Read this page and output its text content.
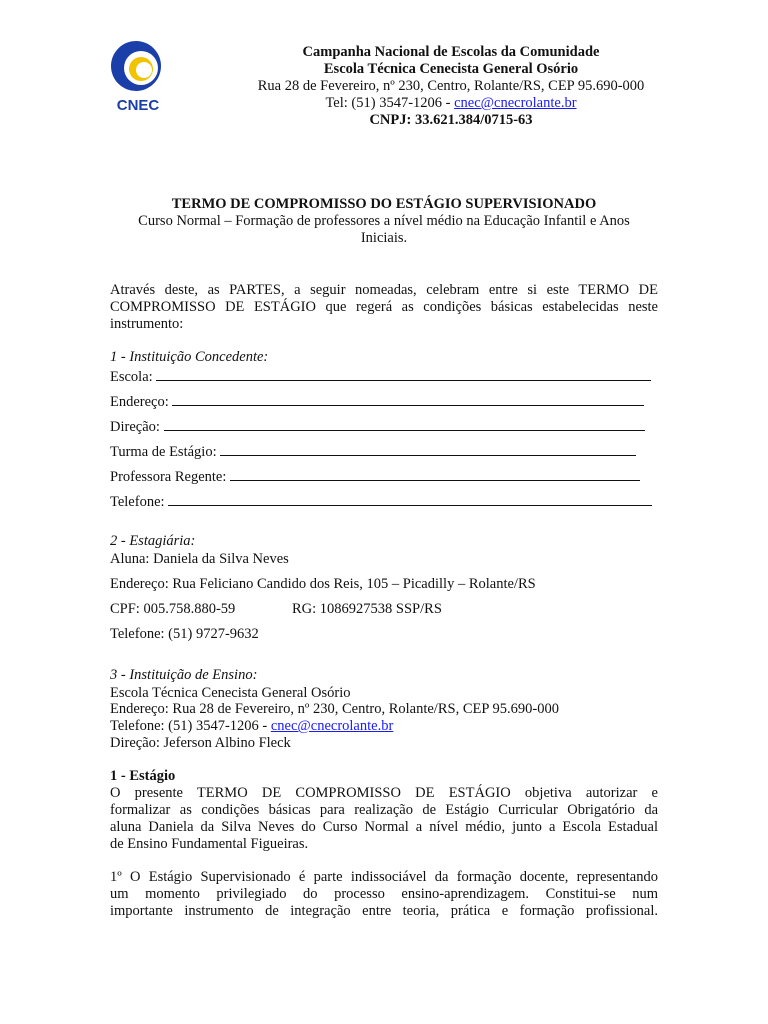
CNEC
Campanha Nacional de Escolas da Comunidade
Escola Técnica Cenecista General Osório
Rua 28 de Fevereiro, nº 230, Centro, Rolante/RS, CEP 95.690-000
Tel: (51) 3547-1206 - cnec@cnecrolante.br
CNPJ: 33.621.384/0715-63
TERMO DE COMPROMISSO DO ESTÁGIO SUPERVISIONADO
Curso Normal – Formação de professores a nível médio na Educação Infantil e Anos
Iniciais.
Através deste, as PARTES, a seguir nomeadas, celebram entre si este TERMO DE
COMPROMISSO DE ESTÁGIO que regerá as condições básicas estabelecidas neste
instrumento:
1 - Instituição Concedente:
Escola:
Endereço:
Direção:
Turma de Estágio:
Professora Regente:
Telefone:
2 - Estagiária:
Aluna: Daniela da Silva Neves
Endereço: Rua Feliciano Candido dos Reis, 105 – Picadilly – Rolante/RS
CPF: 005.758.880-59	RG: 1086927538 SSP/RS
Telefone: (51) 9727-9632
3 - Instituição de Ensino:
Escola Técnica Cenecista General Osório
Endereço: Rua 28 de Fevereiro, nº 230, Centro, Rolante/RS, CEP 95.690-000
Telefone: (51) 3547-1206 - cnec@cnecrolante.br
Direção: Jeferson Albino Fleck
1 - Estágio
O presente TERMO DE COMPROMISSO DE ESTÁGIO objetiva autorizar e
formalizar as condições básicas para realização de Estágio Curricular Obrigatório da
aluna Daniela da Silva Neves do Curso Normal a nível médio, junto a Escola Estadual
de Ensino Fundamental Figueiras.
1º O Estágio Supervisionado é parte indissociável da formação docente, representando
um momento privilegiado do processo ensino-aprendizagem. Constitui-se num
importante instrumento de integração entre teoria, prática e formação profissional.
